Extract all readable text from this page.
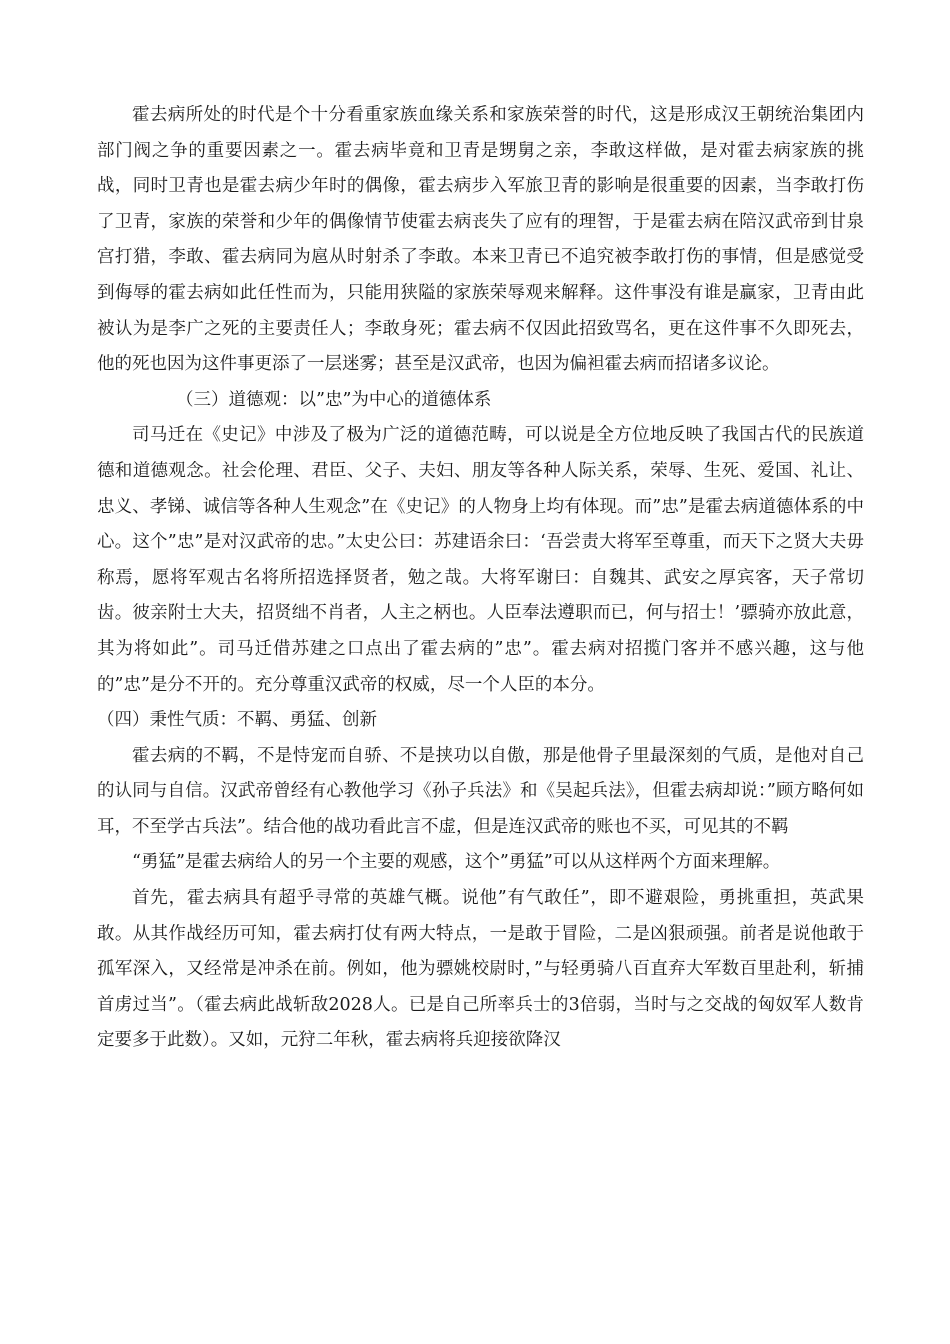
霍去病所处的时代是个十分看重家族血缘关系和家族荣誉的时代，这是形成汉王朝统治集团内部门阀之争的重要因素之一。霍去病毕竟和卫青是甥舅之亲，李敢这样做，是对霍去病家族的挑战，同时卫青也是霍去病少年时的偶像，霍去病步入军旅卫青的影响是很重要的因素，当李敢打伤了卫青，家族的荣誉和少年的偶像情节使霍去病丧失了应有的理智，于是霍去病在陪汉武帝到甘泉宫打猎，李敢、霍去病同为扈从时射杀了李敢。本来卫青已不追究被李敢打伤的事情，但是感觉受到侮辱的霍去病如此任性而为，只能用狭隘的家族荣辱观来解释。这件事没有谁是赢家，卫青由此被认为是李广之死的主要责任人；李敢身死；霍去病不仅因此招致骂名，更在这件事不久即死去，他的死也因为这件事更添了一层迷雾；甚至是汉武帝，也因为偏袒霍去病而招诸多议论。

（三）道德观：以”忠”为中心的道德体系

司马迁在《史记》中涉及了极为广泛的道德范畴，可以说是全方位地反映了我国古代的民族道德和道德观念。社会伦理、君臣、父子、夫妇、朋友等各种人际关系，荣辱、生死、爱国、礼让、忠义、孝锑、诚信等各种人生观念”在《史记》的人物身上均有体现。而”忠”是霍去病道德体系的中心。这个”忠”是对汉武帝的忠。”太史公曰：苏建语余曰：‘吾尝责大将军至尊重，而天下之贤大夫毋称焉，愿将军观古名将所招选择贤者，勉之哉。大将军谢曰：自魏其、武安之厚宾客，天子常切齿。彼亲附士大夫，招贤绌不肖者，人主之柄也。人臣奉法遵职而已，何与招士！’骠骑亦放此意，其为将如此”。司马迁借苏建之口点出了霍去病的”忠”。霍去病对招揽门客并不感兴趣，这与他的”忠”是分不开的。充分尊重汉武帝的权威，尽一个人臣的本分。

（四）秉性气质：不羁、勇猛、创新

霍去病的不羁，不是恃宠而自骄、不是挟功以自傲，那是他骨子里最深刻的气质，是他对自己的认同与自信。汉武帝曾经有心教他学习《孙子兵法》和《吴起兵法》，但霍去病却说：”顾方略何如耳，不至学古兵法”。结合他的战功看此言不虚，但是连汉武帝的账也不买，可见其的不羁

“勇猛”是霍去病给人的另一个主要的观感，这个”勇猛”可以从这样两个方面来理解。

首先，霍去病具有超乎寻常的英雄气概。说他”有气敢任”，即不避艰险，勇挑重担，英武果敢。从其作战经历可知，霍去病打仗有两大特点，一是敢于冒险，二是凶狠顽强。前者是说他敢于孤军深入，又经常是冲杀在前。例如，他为骠姚校尉时，”与轻勇骑八百直弃大军数百里赴利，斩捕首虏过当”。（霍去病此战斩敌2028人。已是自己所率兵士的3倍弱，当时与之交战的匈奴军人数肯定要多于此数）。又如，元狩二年秋，霍去病将兵迎接欲降汉
